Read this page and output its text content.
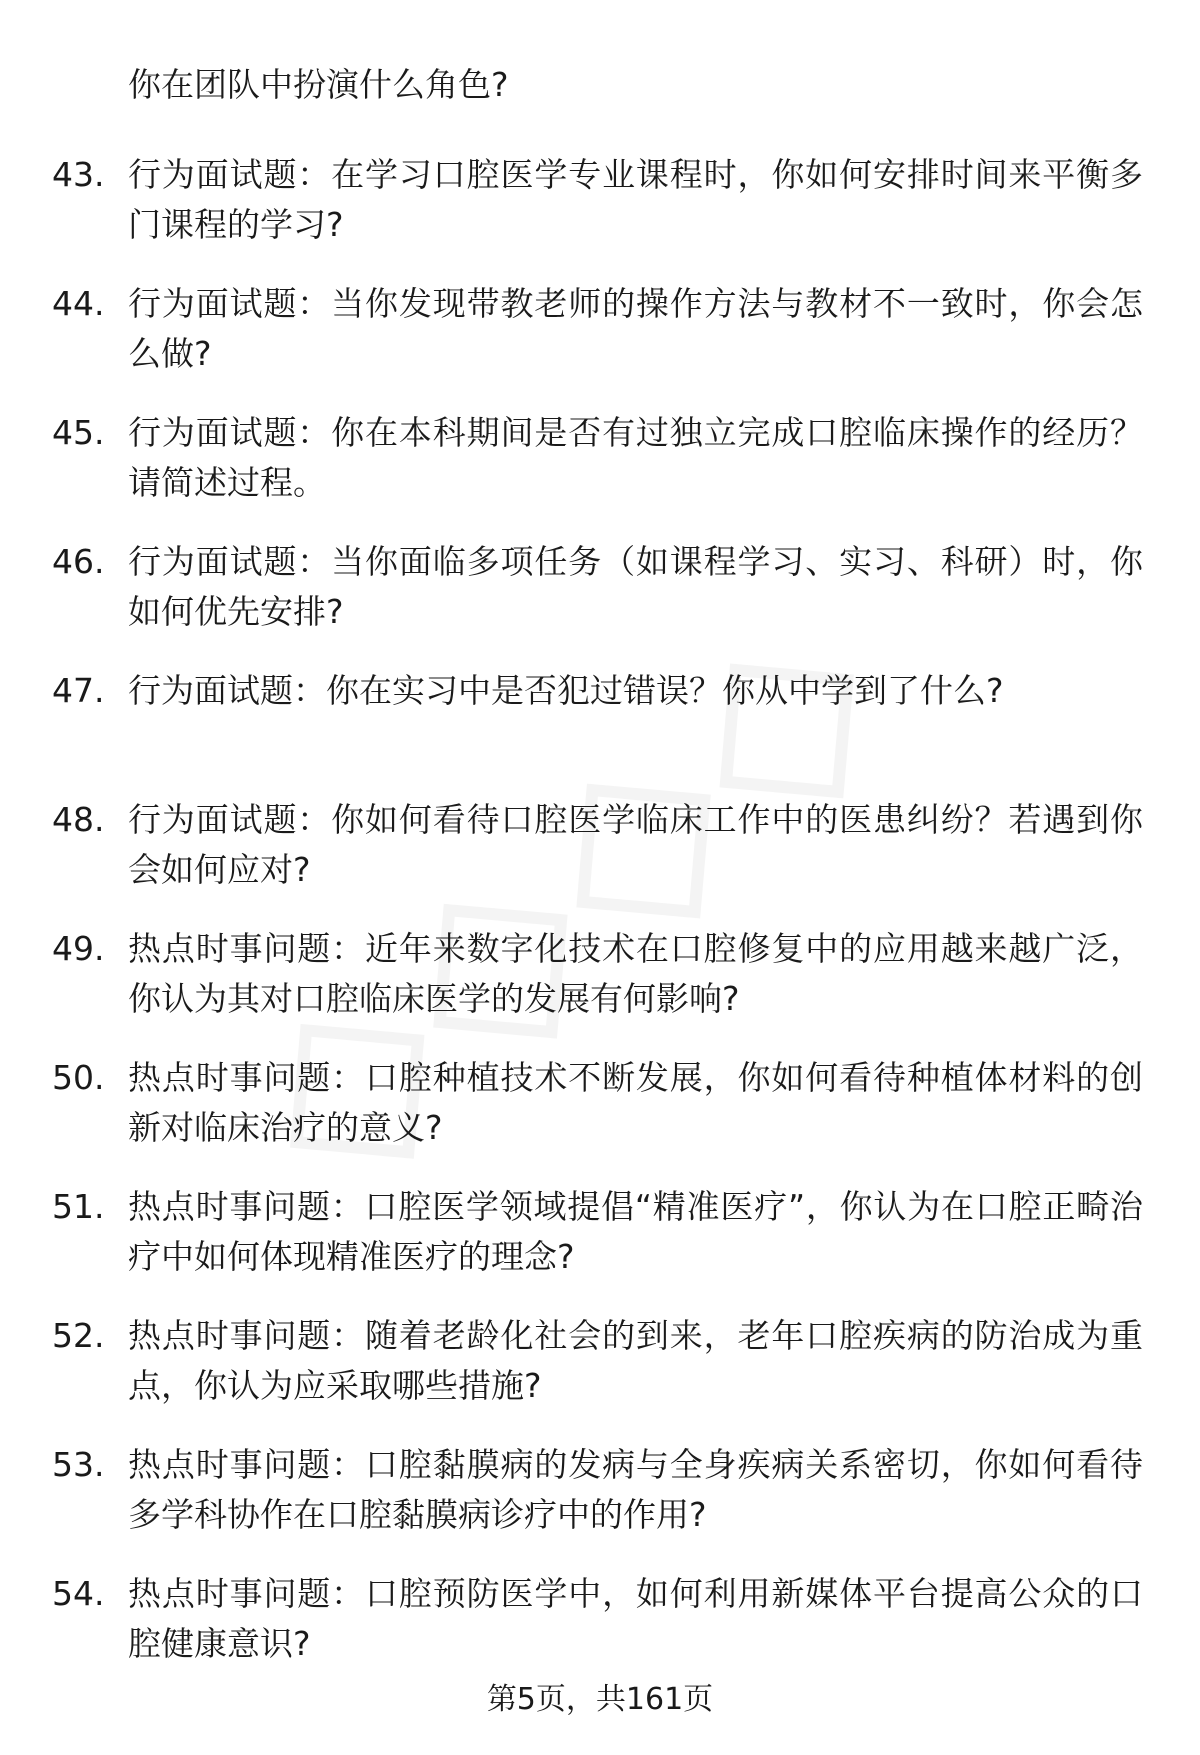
你在团队中扮演什么角色?
43. 行为面试题：在学习口腔医学专业课程时，你如何安排时间来平衡多门课程的学习?
44. 行为面试题：当你发现带教老师的操作方法与教材不一致时，你会怎么做?
45. 行为面试题：你在本科期间是否有过独立完成口腔临床操作的经历？请简述过程。
46. 行为面试题：当你面临多项任务（如课程学习、实习、科研）时，你如何优先安排?
47. 行为面试题：你在实习中是否犯过错误？你从中学到了什么?
48. 行为面试题：你如何看待口腔医学临床工作中的医患纠纷？若遇到你会如何应对?
49. 热点时事问题：近年来数字化技术在口腔修复中的应用越来越广泛，你认为其对口腔临床医学的发展有何影响?
50. 热点时事问题：口腔种植技术不断发展，你如何看待种植体材料的创新对临床治疗的意义?
51. 热点时事问题：口腔医学领域提倡“精准医疗”，你认为在口腔正畸治疗中如何体现精准医疗的理念?
52. 热点时事问题：随着老龄化社会的到来，老年口腔疾病的防治成为重点，你认为应采取哪些措施?
53. 热点时事问题：口腔黏膜病的发病与全身疾病关系密切，你如何看待多学科协作在口腔黏膜病诊疗中的作用?
54. 热点时事问题：口腔预防医学中，如何利用新媒体平台提高公众的口腔健康意识?
第5页，共161页
